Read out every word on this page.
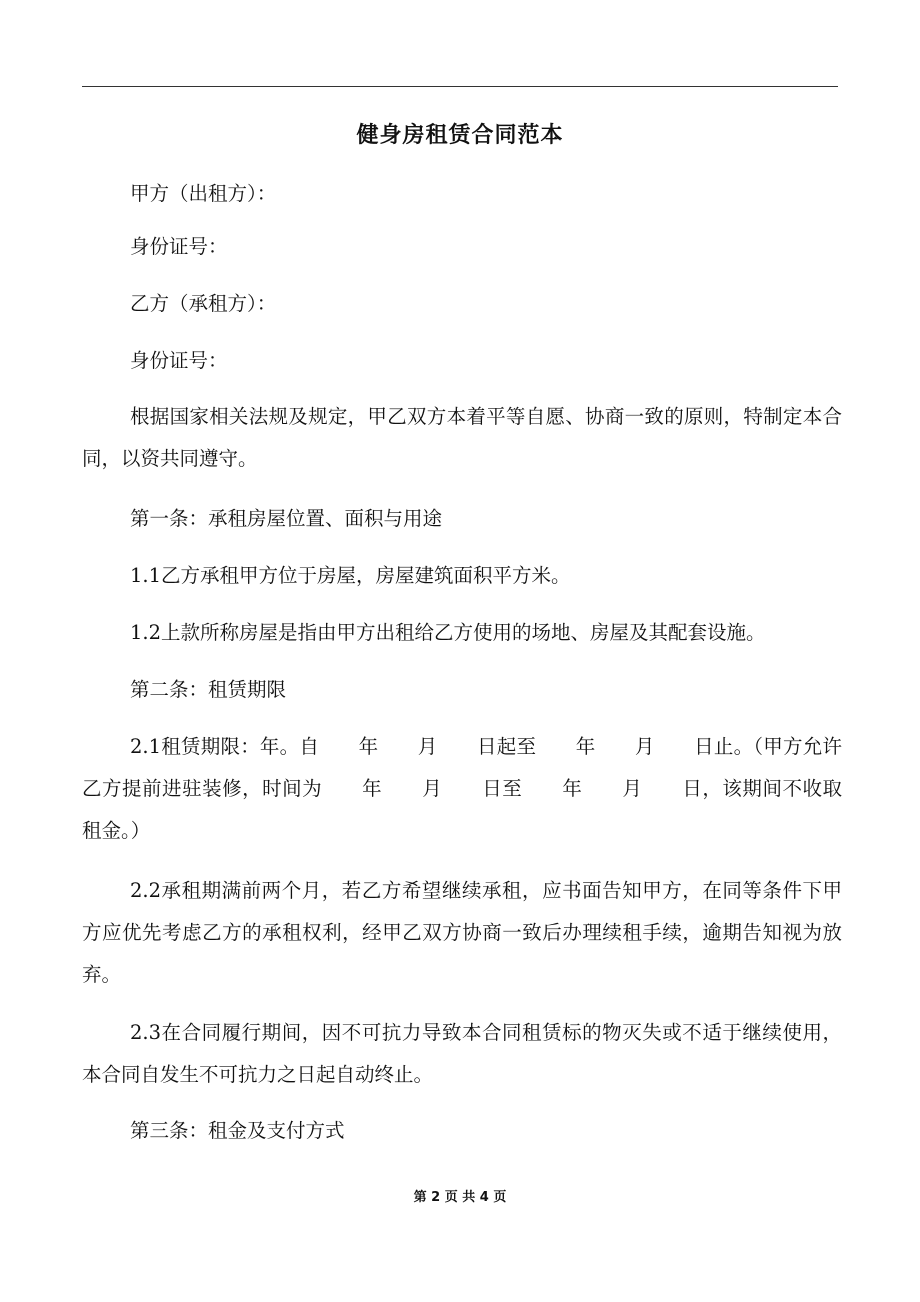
健身房租赁合同范本
甲方（出租方）：
身份证号：
乙方（承租方）：
身份证号：
根据国家相关法规及规定，甲乙双方本着平等自愿、协商一致的原则，特制定本合同，以资共同遵守。
第一条：承租房屋位置、面积与用途
1.1乙方承租甲方位于房屋，房屋建筑面积平方米。
1.2上款所称房屋是指由甲方出租给乙方使用的场地、房屋及其配套设施。
第二条：租赁期限
2.1租赁期限：年。自　　年　　月　　日起至　　年　　月　　日止。（甲方允许乙方提前进驻装修，时间为　　年　　月　　日至　　年　　月　　日，该期间不收取租金。）
2.2承租期满前两个月，若乙方希望继续承租，应书面告知甲方，在同等条件下甲方应优先考虑乙方的承租权利，经甲乙双方协商一致后办理续租手续，逾期告知视为放弃。
2.3在合同履行期间，因不可抗力导致本合同租赁标的物灭失或不适于继续使用，本合同自发生不可抗力之日起自动终止。
第三条：租金及支付方式
第 2 页 共 4 页
